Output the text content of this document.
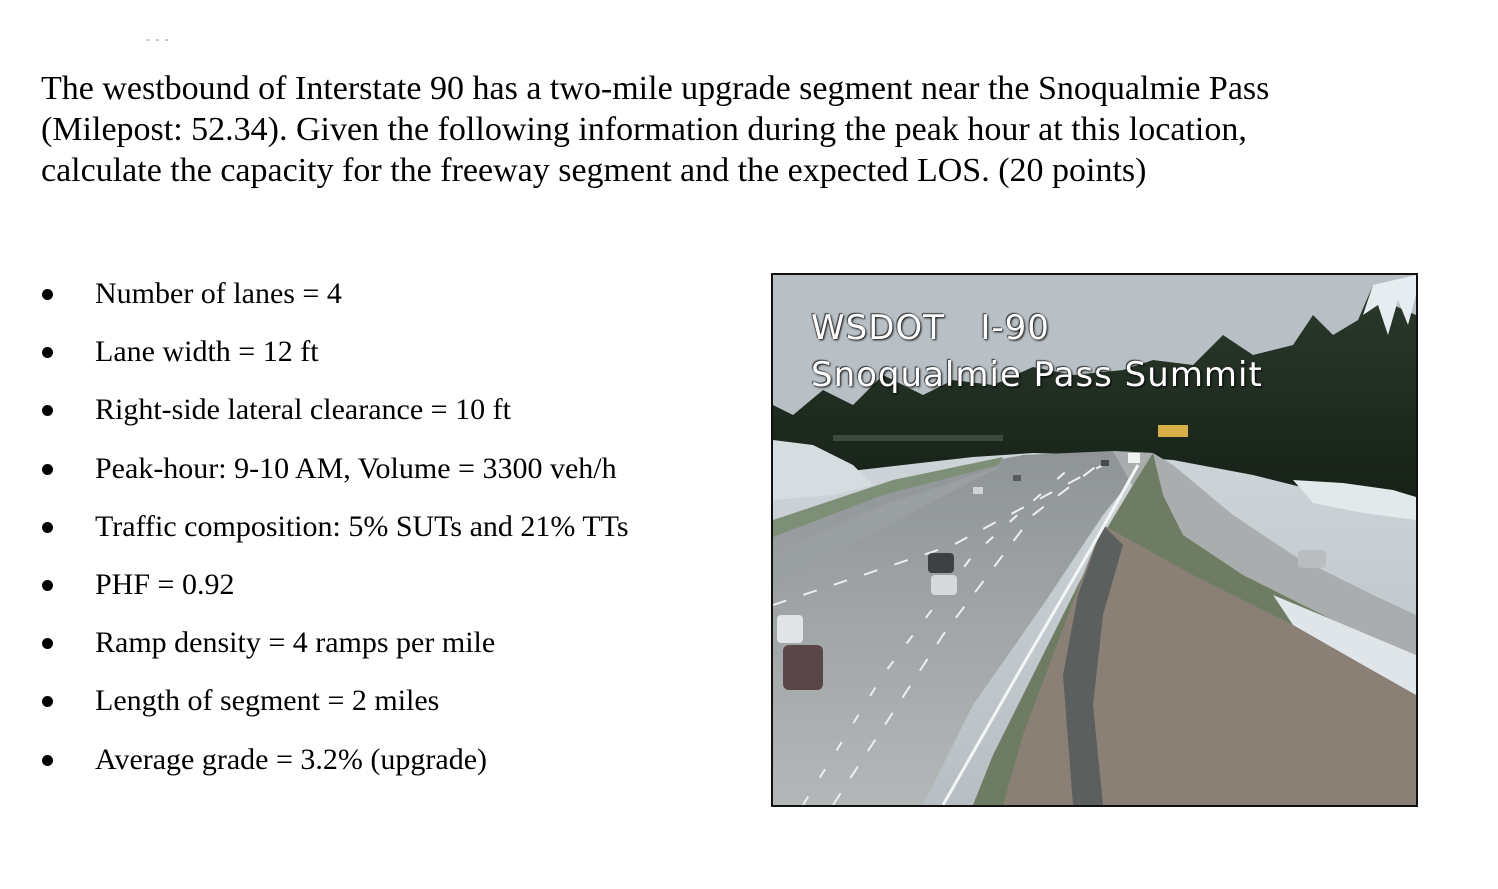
- - -

The westbound of Interstate 90 has a two-mile upgrade segment near the Snoqualmie Pass (Milepost: 52.34). Given the following information during the peak hour at this location, calculate the capacity for the freeway segment and the expected LOS. (20 points)

Number of lanes = 4
Lane width = 12 ft
Right-side lateral clearance = 10 ft
Peak-hour: 9-10 AM, Volume = 3300 veh/h
Traffic composition: 5% SUTs and 21% TTs
PHF = 0.92
Ramp density = 4 ramps per mile
Length of segment = 2 miles
Average grade = 3.2% (upgrade)
WSDOT   I-90
Snoqualmie Pass Summit
